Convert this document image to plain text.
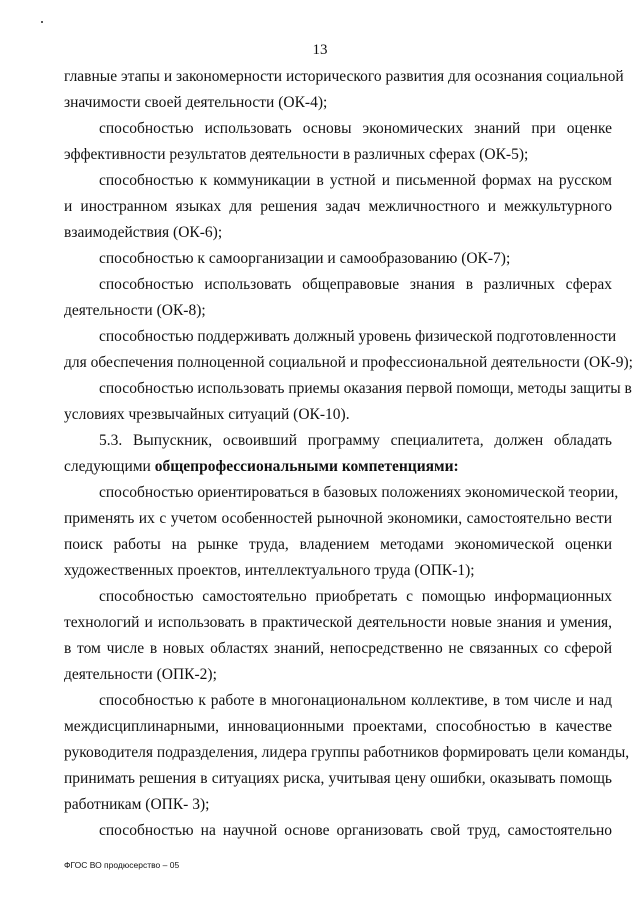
13
главные этапы и закономерности исторического развития для осознания социальной
значимости своей деятельности (ОК-4);
способностью использовать основы экономических знаний при оценке
эффективности результатов деятельности в различных сферах (ОК-5);
способностью к коммуникации в устной и письменной формах на русском
и иностранном языках для решения задач межличностного и межкультурного
взаимодействия (ОК-6);
способностью к самоорганизации и самообразованию (ОК-7);
способностью использовать общеправовые знания в различных сферах
деятельности (ОК-8);
способностью поддерживать должный уровень физической подготовленности
для обеспечения полноценной социальной и профессиональной деятельности (ОК-9);
способностью использовать приемы оказания первой помощи, методы защиты в
условиях чрезвычайных ситуаций (ОК-10).
5.3. Выпускник, освоивший программу специалитета, должен обладать
следующими общепрофессиональными компетенциями:
способностью ориентироваться в базовых положениях экономической теории,
применять их с учетом особенностей рыночной экономики, самостоятельно вести
поиск работы на рынке труда, владением методами экономической оценки
художественных проектов, интеллектуального труда (ОПК-1);
способностью самостоятельно приобретать с помощью информационных
технологий и использовать в практической деятельности новые знания и умения,
в том числе в новых областях знаний, непосредственно не связанных со сферой
деятельности (ОПК-2);
способностью к работе в многонациональном коллективе, в том числе и над
междисциплинарными, инновационными проектами, способностью в качестве
руководителя подразделения, лидера группы работников формировать цели команды,
принимать решения в ситуациях риска, учитывая цену ошибки, оказывать помощь
работникам (ОПК- 3);
способностью на научной основе организовать свой труд, самостоятельно
ФГОС ВО продюсерство – 05
